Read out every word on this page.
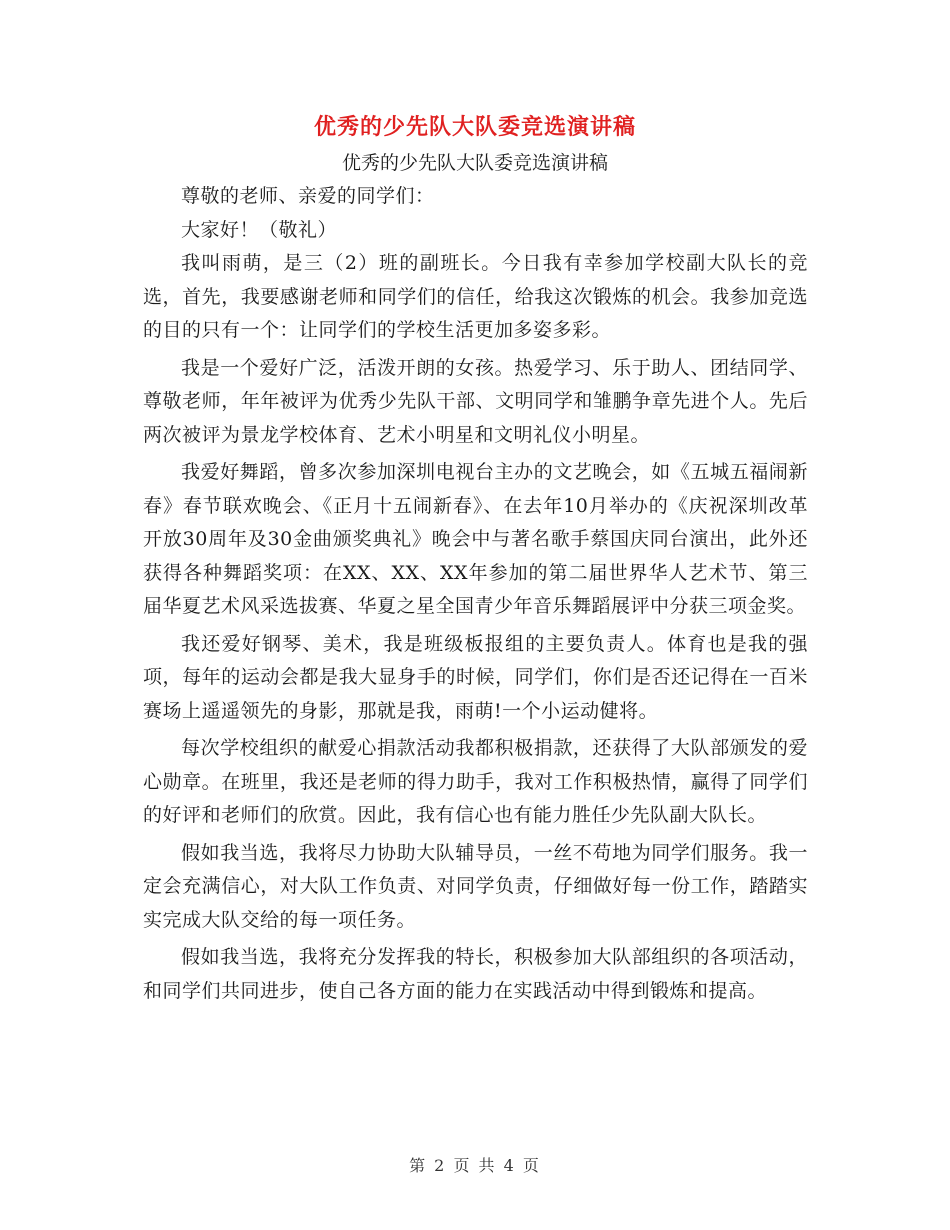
优秀的少先队大队委竞选演讲稿
优秀的少先队大队委竞选演讲稿

尊敬的老师、亲爱的同学们：

大家好！（敬礼）

我叫雨萌，是三（2）班的副班长。今日我有幸参加学校副大队长的竞选，首先，我要感谢老师和同学们的信任，给我这次锻炼的机会。我参加竞选的目的只有一个：让同学们的学校生活更加多姿多彩。

我是一个爱好广泛，活泼开朗的女孩。热爱学习、乐于助人、团结同学、尊敬老师，年年被评为优秀少先队干部、文明同学和雏鹏争章先进个人。先后两次被评为景龙学校体育、艺术小明星和文明礼仪小明星。

我爱好舞蹈，曾多次参加深圳电视台主办的文艺晚会，如《五城五福闹新春》春节联欢晚会、《正月十五闹新春》、在去年10月举办的《庆祝深圳改革开放30周年及30金曲颁奖典礼》晚会中与著名歌手蔡国庆同台演出，此外还获得各种舞蹈奖项：在XX、XX、XX年参加的第二届世界华人艺术节、第三届华夏艺术风采选拔赛、华夏之星全国青少年音乐舞蹈展评中分获三项金奖。

我还爱好钢琴、美术，我是班级板报组的主要负责人。体育也是我的强项，每年的运动会都是我大显身手的时候，同学们，你们是否还记得在一百米赛场上遥遥领先的身影，那就是我，雨萌!一个小运动健将。

每次学校组织的献爱心捐款活动我都积极捐款，还获得了大队部颁发的爱心勋章。在班里，我还是老师的得力助手，我对工作积极热情，赢得了同学们的好评和老师们的欣赏。因此，我有信心也有能力胜任少先队副大队长。

假如我当选，我将尽力协助大队辅导员，一丝不苟地为同学们服务。我一定会充满信心，对大队工作负责、对同学负责，仔细做好每一份工作，踏踏实实完成大队交给的每一项任务。

假如我当选，我将充分发挥我的特长，积极参加大队部组织的各项活动，和同学们共同进步，使自己各方面的能力在实践活动中得到锻炼和提高。

第 2 页 共 4 页
